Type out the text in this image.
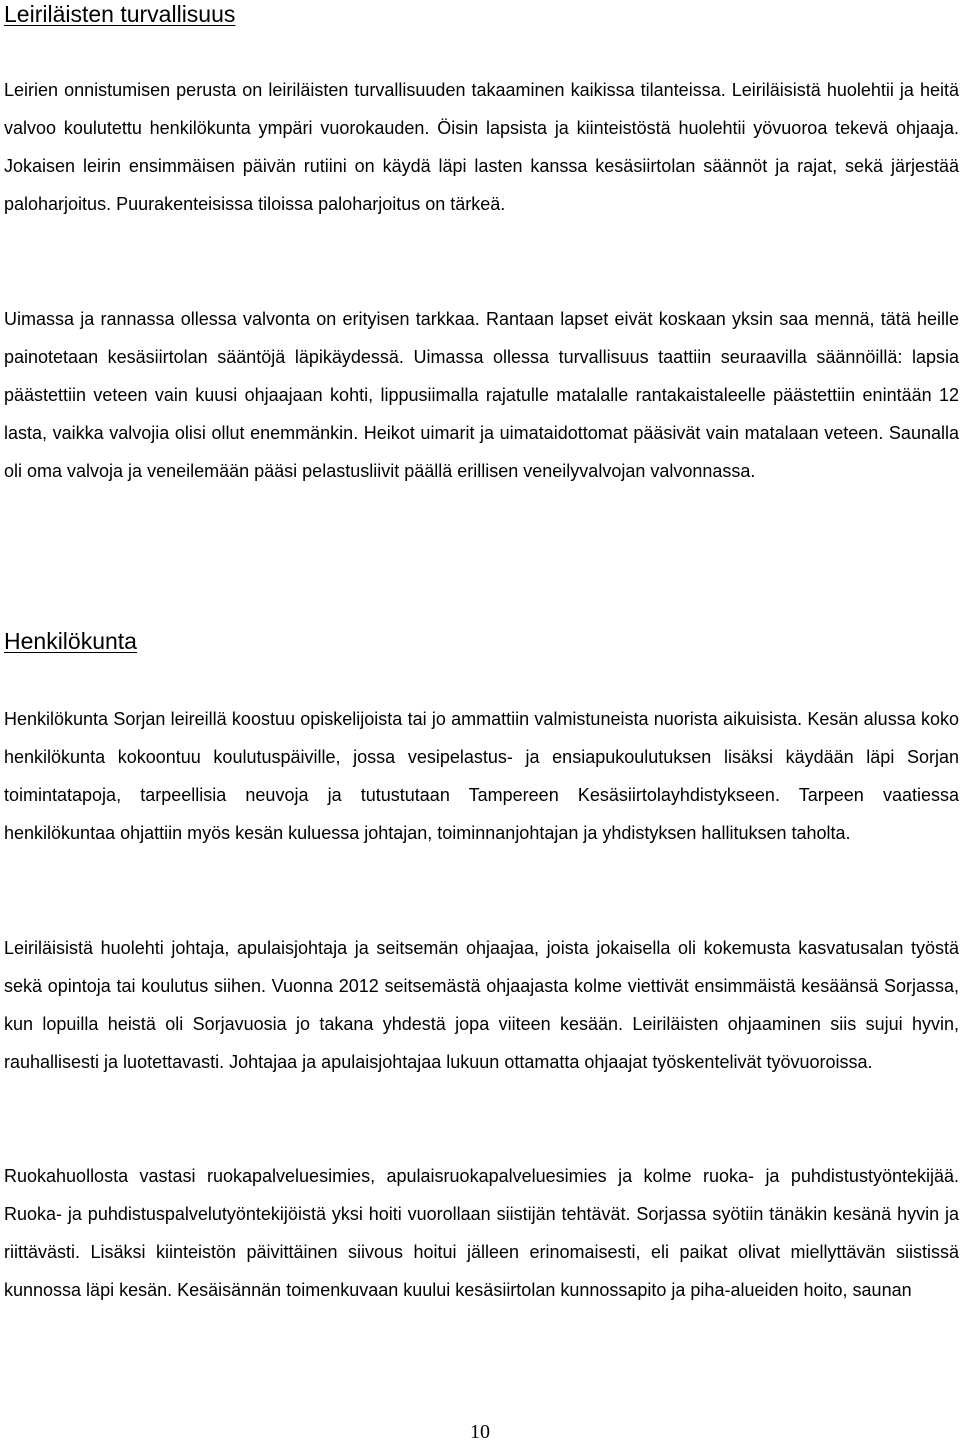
Leiriläisten turvallisuus

Leirien onnistumisen perusta on leiriläisten turvallisuuden takaaminen kaikissa tilanteissa. Leiriläisistä huolehtii ja heitä valvoo koulutettu henkilökunta ympäri vuorokauden. Öisin lapsista ja kiinteistöstä huolehtii yövuoroa tekevä ohjaaja. Jokaisen leirin ensimmäisen päivän rutiini on käydä läpi lasten kanssa kesäsiirtolan säännöt ja rajat, sekä järjestää paloharjoitus. Puurakenteisissa tiloissa paloharjoitus on tärkeä.

Uimassa ja rannassa ollessa valvonta on erityisen tarkkaa. Rantaan lapset eivät koskaan yksin saa mennä, tätä heille painotetaan kesäsiirtolan sääntöjä läpikäydessä. Uimassa ollessa turvallisuus taattiin seuraavilla säännöillä: lapsia päästettiin veteen vain kuusi ohjaajaan kohti, lippusiimalla rajatulle matalalle rantakaistaleelle päästettiin enintään 12 lasta, vaikka valvojia olisi ollut enemmänkin. Heikot uimarit ja uimataidottomat pääsivät vain matalaan veteen. Saunalla oli oma valvoja ja veneilemään pääsi pelastusliivit päällä erillisen veneilyvalvojan valvonnassa.

Henkilökunta

Henkilökunta Sorjan leireillä koostuu opiskelijoista tai jo ammattiin valmistuneista nuorista aikuisista. Kesän alussa koko henkilökunta kokoontuu koulutuspäiville, jossa vesipelastus- ja ensiapukoulutuksen lisäksi käydään läpi Sorjan toimintatapoja, tarpeellisia neuvoja ja tutustutaan Tampereen Kesäsiirtolayhdistykseen. Tarpeen vaatiessa henkilökuntaa ohjattiin myös kesän kuluessa johtajan, toiminnanjohtajan ja yhdistyksen hallituksen taholta.

Leiriläisistä huolehti johtaja, apulaisjohtaja ja seitsemän ohjaajaa, joista jokaisella oli kokemusta kasvatusalan työstä sekä opintoja tai koulutus siihen. Vuonna 2012 seitsemästä ohjaajasta kolme viettivät ensimmäistä kesäänsä Sorjassa, kun lopuilla heistä oli Sorjavuosia jo takana yhdestä jopa viiteen kesään. Leiriläisten ohjaaminen siis sujui hyvin, rauhallisesti ja luotettavasti. Johtajaa ja apulaisjohtajaa lukuun ottamatta ohjaajat työskentelivät työvuoroissa.

Ruokahuollosta vastasi ruokapalveluesimies, apulaisruokapalveluesimies ja kolme ruoka- ja puhdistustyöntekijää. Ruoka- ja puhdistuspalvelutyöntekijöistä yksi hoiti vuorollaan siistijän tehtävät. Sorjassa syötiin tänäkin kesänä hyvin ja riittävästi. Lisäksi kiinteistön päivittäinen siivous hoitui jälleen erinomaisesti, eli paikat olivat miellyttävän siistissä kunnossa läpi kesän. Kesäisännän toimenkuvaan kuului kesäsiirtolan kunnossapito ja piha-alueiden hoito, saunan

10
